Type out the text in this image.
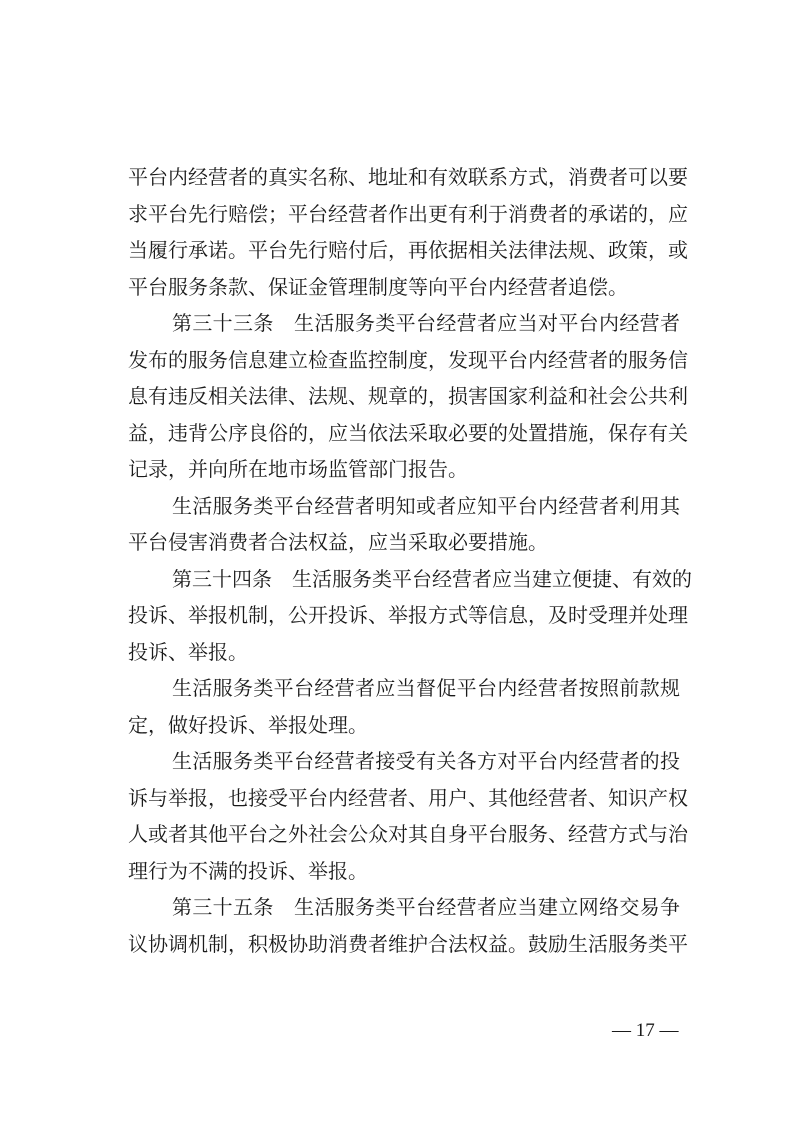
平台内经营者的真实名称、地址和有效联系方式，消费者可以要
求平台先行赔偿；平台经营者作出更有利于消费者的承诺的，应
当履行承诺。平台先行赔付后，再依据相关法律法规、政策，或
平台服务条款、保证金管理制度等向平台内经营者追偿。
第三十三条　生活服务类平台经营者应当对平台内经营者
发布的服务信息建立检查监控制度，发现平台内经营者的服务信
息有违反相关法律、法规、规章的，损害国家利益和社会公共利
益，违背公序良俗的，应当依法采取必要的处置措施，保存有关
记录，并向所在地市场监管部门报告。
生活服务类平台经营者明知或者应知平台内经营者利用其
平台侵害消费者合法权益，应当采取必要措施。
第三十四条　生活服务类平台经营者应当建立便捷、有效的
投诉、举报机制，公开投诉、举报方式等信息，及时受理并处理
投诉、举报。
生活服务类平台经营者应当督促平台内经营者按照前款规
定，做好投诉、举报处理。
生活服务类平台经营者接受有关各方对平台内经营者的投
诉与举报，也接受平台内经营者、用户、其他经营者、知识产权
人或者其他平台之外社会公众对其自身平台服务、经营方式与治
理行为不满的投诉、举报。
第三十五条　生活服务类平台经营者应当建立网络交易争
议协调机制，积极协助消费者维护合法权益。鼓励生活服务类平
— 17 —
